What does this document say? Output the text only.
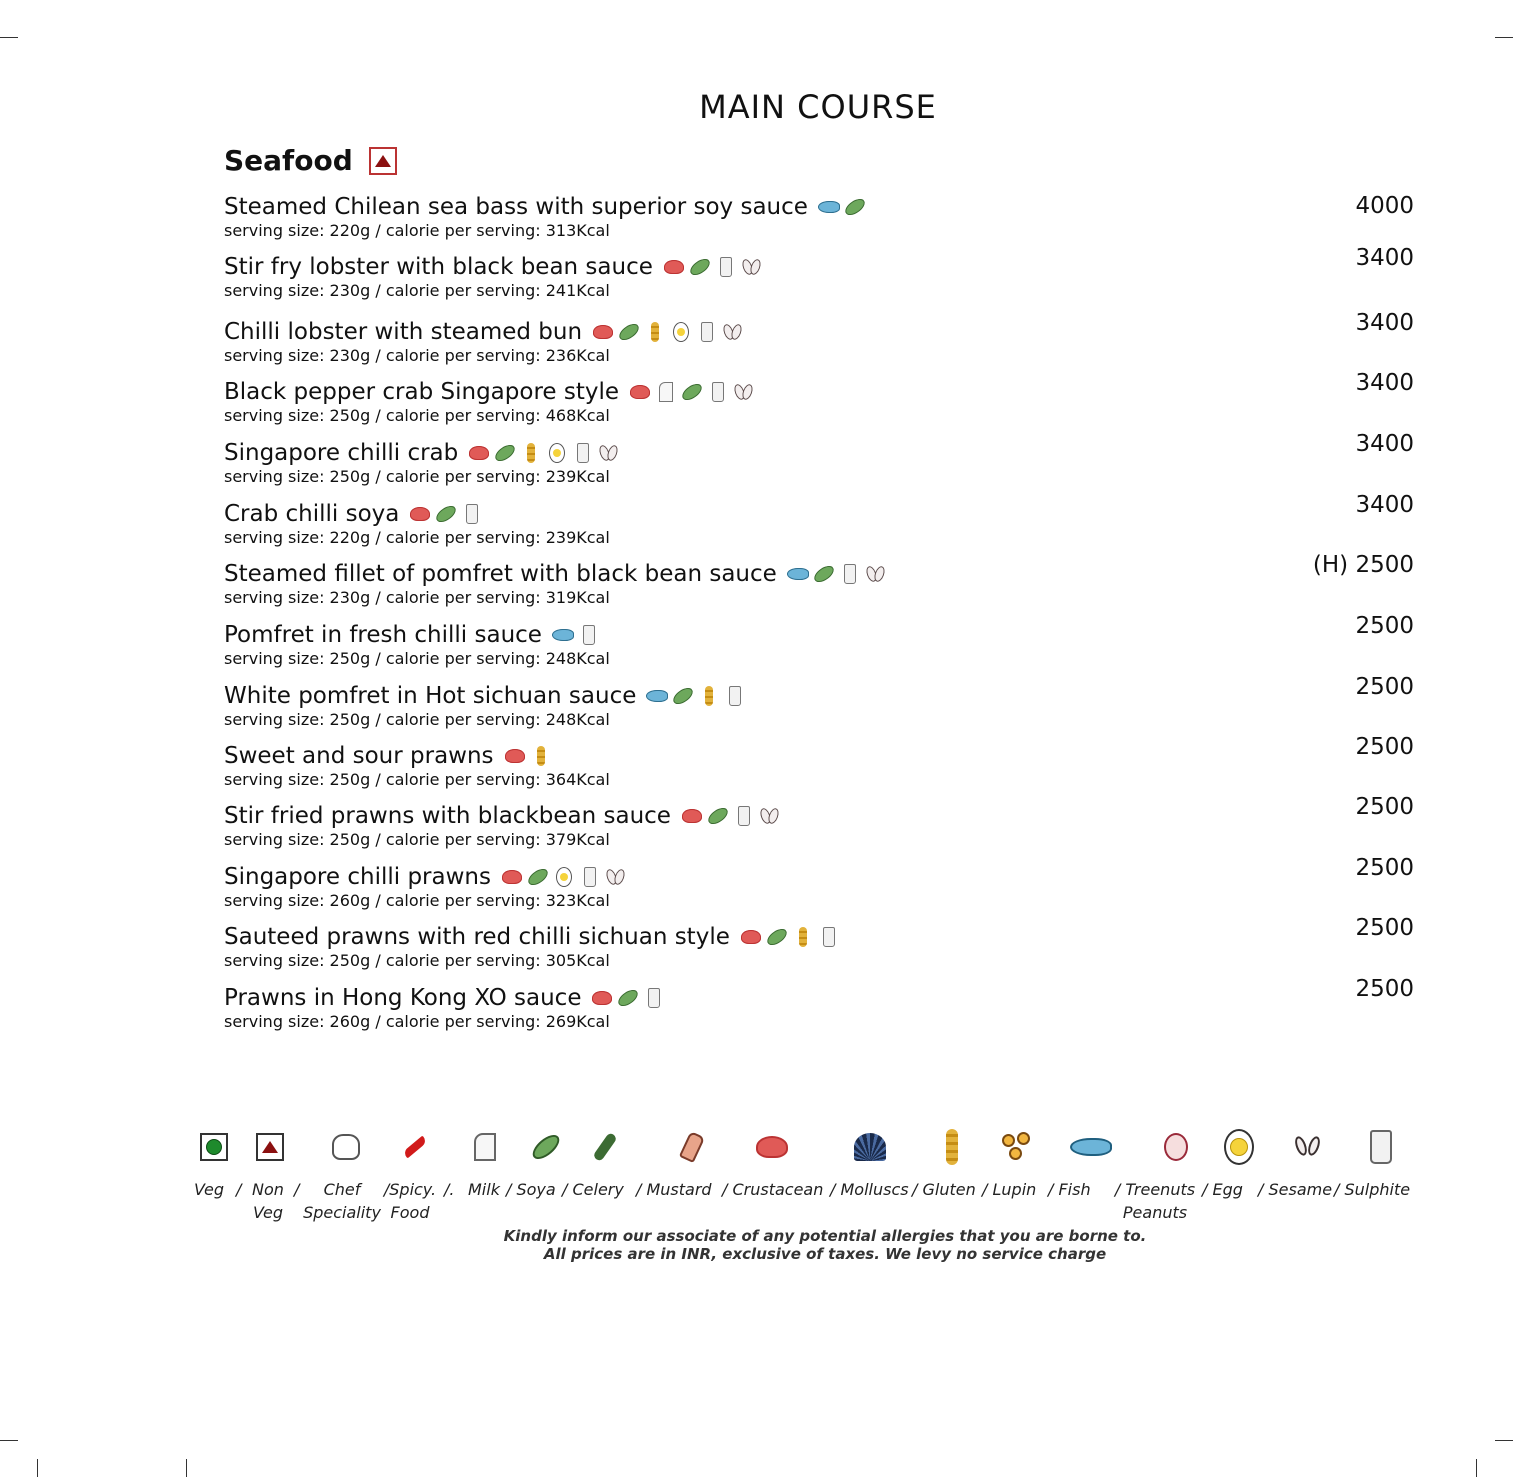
MAIN COURSE
Seafood
Steamed Chilean sea bass with superior soy sauce
serving size: 220g / calorie per serving: 313Kcal
4000
Stir fry lobster with black bean sauce
serving size: 230g / calorie per serving: 241Kcal
3400
Chilli lobster with steamed bun
serving size: 230g / calorie per serving: 236Kcal
3400
Black pepper crab Singapore style
serving size: 250g / calorie per serving: 468Kcal
3400
Singapore chilli crab
serving size: 250g / calorie per serving: 239Kcal
3400
Crab chilli soya
serving size: 220g / calorie per serving: 239Kcal
3400
Steamed fillet of pomfret with black bean sauce
serving size: 230g / calorie per serving: 319Kcal
(H) 2500
Pomfret in fresh chilli sauce
serving size: 250g / calorie per serving: 248Kcal
2500
White pomfret in Hot sichuan sauce
serving size: 250g / calorie per serving: 248Kcal
2500
Sweet and sour prawns
serving size: 250g / calorie per serving: 364Kcal
2500
Stir fried prawns with blackbean sauce
serving size: 250g / calorie per serving: 379Kcal
2500
Singapore chilli prawns
serving size: 260g / calorie per serving: 323Kcal
2500
Sauteed prawns with red chilli sichuan style
serving size: 250g / calorie per serving: 305Kcal
2500
Prawns in Hong Kong XO sauce
serving size: 260g / calorie per serving: 269Kcal
2500
Veg / Non Veg
/	Chef Speciality
/Spicy. Food
/. Milk / Soya / Celery / Mustard / Crustacean / Molluscs / Gluten / Lupin / Fish	/ Treenuts Peanuts
/ Egg / Sesame / Sulphite
Kindly inform our associate of any potential allergies that you are borne to.
All prices are in INR, exclusive of taxes. We levy no service charge
